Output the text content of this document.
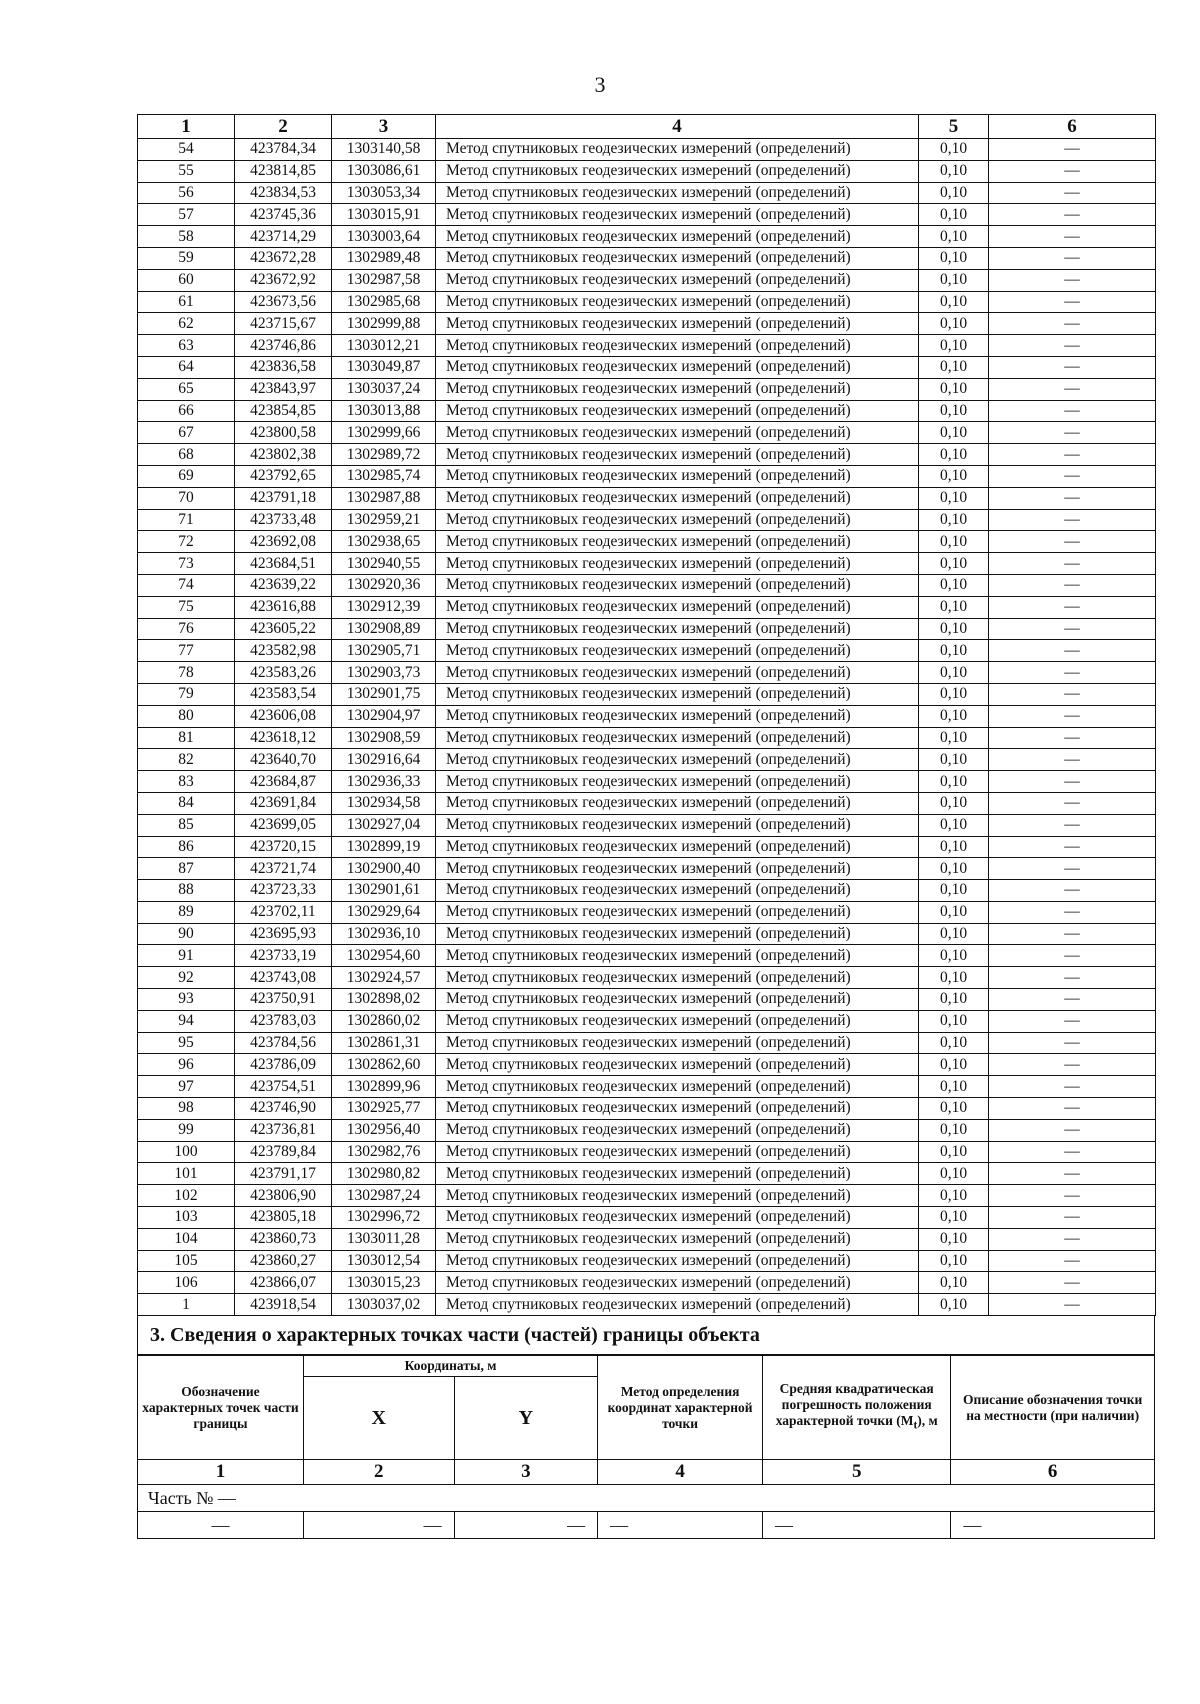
3
1	2	3	4	5	6
54	423784,34	1303140,58	Метод спутниковых геодезических измерений (определений)	0,10	—
55	423814,85	1303086,61	Метод спутниковых геодезических измерений (определений)	0,10	—
56	423834,53	1303053,34	Метод спутниковых геодезических измерений (определений)	0,10	—
57	423745,36	1303015,91	Метод спутниковых геодезических измерений (определений)	0,10	—
58	423714,29	1303003,64	Метод спутниковых геодезических измерений (определений)	0,10	—
59	423672,28	1302989,48	Метод спутниковых геодезических измерений (определений)	0,10	—
60	423672,92	1302987,58	Метод спутниковых геодезических измерений (определений)	0,10	—
61	423673,56	1302985,68	Метод спутниковых геодезических измерений (определений)	0,10	—
62	423715,67	1302999,88	Метод спутниковых геодезических измерений (определений)	0,10	—
63	423746,86	1303012,21	Метод спутниковых геодезических измерений (определений)	0,10	—
64	423836,58	1303049,87	Метод спутниковых геодезических измерений (определений)	0,10	—
65	423843,97	1303037,24	Метод спутниковых геодезических измерений (определений)	0,10	—
66	423854,85	1303013,88	Метод спутниковых геодезических измерений (определений)	0,10	—
67	423800,58	1302999,66	Метод спутниковых геодезических измерений (определений)	0,10	—
68	423802,38	1302989,72	Метод спутниковых геодезических измерений (определений)	0,10	—
69	423792,65	1302985,74	Метод спутниковых геодезических измерений (определений)	0,10	—
70	423791,18	1302987,88	Метод спутниковых геодезических измерений (определений)	0,10	—
71	423733,48	1302959,21	Метод спутниковых геодезических измерений (определений)	0,10	—
72	423692,08	1302938,65	Метод спутниковых геодезических измерений (определений)	0,10	—
73	423684,51	1302940,55	Метод спутниковых геодезических измерений (определений)	0,10	—
74	423639,22	1302920,36	Метод спутниковых геодезических измерений (определений)	0,10	—
75	423616,88	1302912,39	Метод спутниковых геодезических измерений (определений)	0,10	—
76	423605,22	1302908,89	Метод спутниковых геодезических измерений (определений)	0,10	—
77	423582,98	1302905,71	Метод спутниковых геодезических измерений (определений)	0,10	—
78	423583,26	1302903,73	Метод спутниковых геодезических измерений (определений)	0,10	—
79	423583,54	1302901,75	Метод спутниковых геодезических измерений (определений)	0,10	—
80	423606,08	1302904,97	Метод спутниковых геодезических измерений (определений)	0,10	—
81	423618,12	1302908,59	Метод спутниковых геодезических измерений (определений)	0,10	—
82	423640,70	1302916,64	Метод спутниковых геодезических измерений (определений)	0,10	—
83	423684,87	1302936,33	Метод спутниковых геодезических измерений (определений)	0,10	—
84	423691,84	1302934,58	Метод спутниковых геодезических измерений (определений)	0,10	—
85	423699,05	1302927,04	Метод спутниковых геодезических измерений (определений)	0,10	—
86	423720,15	1302899,19	Метод спутниковых геодезических измерений (определений)	0,10	—
87	423721,74	1302900,40	Метод спутниковых геодезических измерений (определений)	0,10	—
88	423723,33	1302901,61	Метод спутниковых геодезических измерений (определений)	0,10	—
89	423702,11	1302929,64	Метод спутниковых геодезических измерений (определений)	0,10	—
90	423695,93	1302936,10	Метод спутниковых геодезических измерений (определений)	0,10	—
91	423733,19	1302954,60	Метод спутниковых геодезических измерений (определений)	0,10	—
92	423743,08	1302924,57	Метод спутниковых геодезических измерений (определений)	0,10	—
93	423750,91	1302898,02	Метод спутниковых геодезических измерений (определений)	0,10	—
94	423783,03	1302860,02	Метод спутниковых геодезических измерений (определений)	0,10	—
95	423784,56	1302861,31	Метод спутниковых геодезических измерений (определений)	0,10	—
96	423786,09	1302862,60	Метод спутниковых геодезических измерений (определений)	0,10	—
97	423754,51	1302899,96	Метод спутниковых геодезических измерений (определений)	0,10	—
98	423746,90	1302925,77	Метод спутниковых геодезических измерений (определений)	0,10	—
99	423736,81	1302956,40	Метод спутниковых геодезических измерений (определений)	0,10	—
100	423789,84	1302982,76	Метод спутниковых геодезических измерений (определений)	0,10	—
101	423791,17	1302980,82	Метод спутниковых геодезических измерений (определений)	0,10	—
102	423806,90	1302987,24	Метод спутниковых геодезических измерений (определений)	0,10	—
103	423805,18	1302996,72	Метод спутниковых геодезических измерений (определений)	0,10	—
104	423860,73	1303011,28	Метод спутниковых геодезических измерений (определений)	0,10	—
105	423860,27	1303012,54	Метод спутниковых геодезических измерений (определений)	0,10	—
106	423866,07	1303015,23	Метод спутниковых геодезических измерений (определений)	0,10	—
1	423918,54	1303037,02	Метод спутниковых геодезических измерений (определений)	0,10	—
3. Сведения о характерных точках части (частей) границы объекта
Обозначение характерных точек части границы	Координаты, м		Метод определения координат характерной точки	Средняя квадратическая погрешность положения характерной точки $(M_t)$, м	Описание обозначения точки на местности (при наличии)
	X	Y			
1	2	3	4	5	6
Часть № —					
—	—	—	—	—	—
